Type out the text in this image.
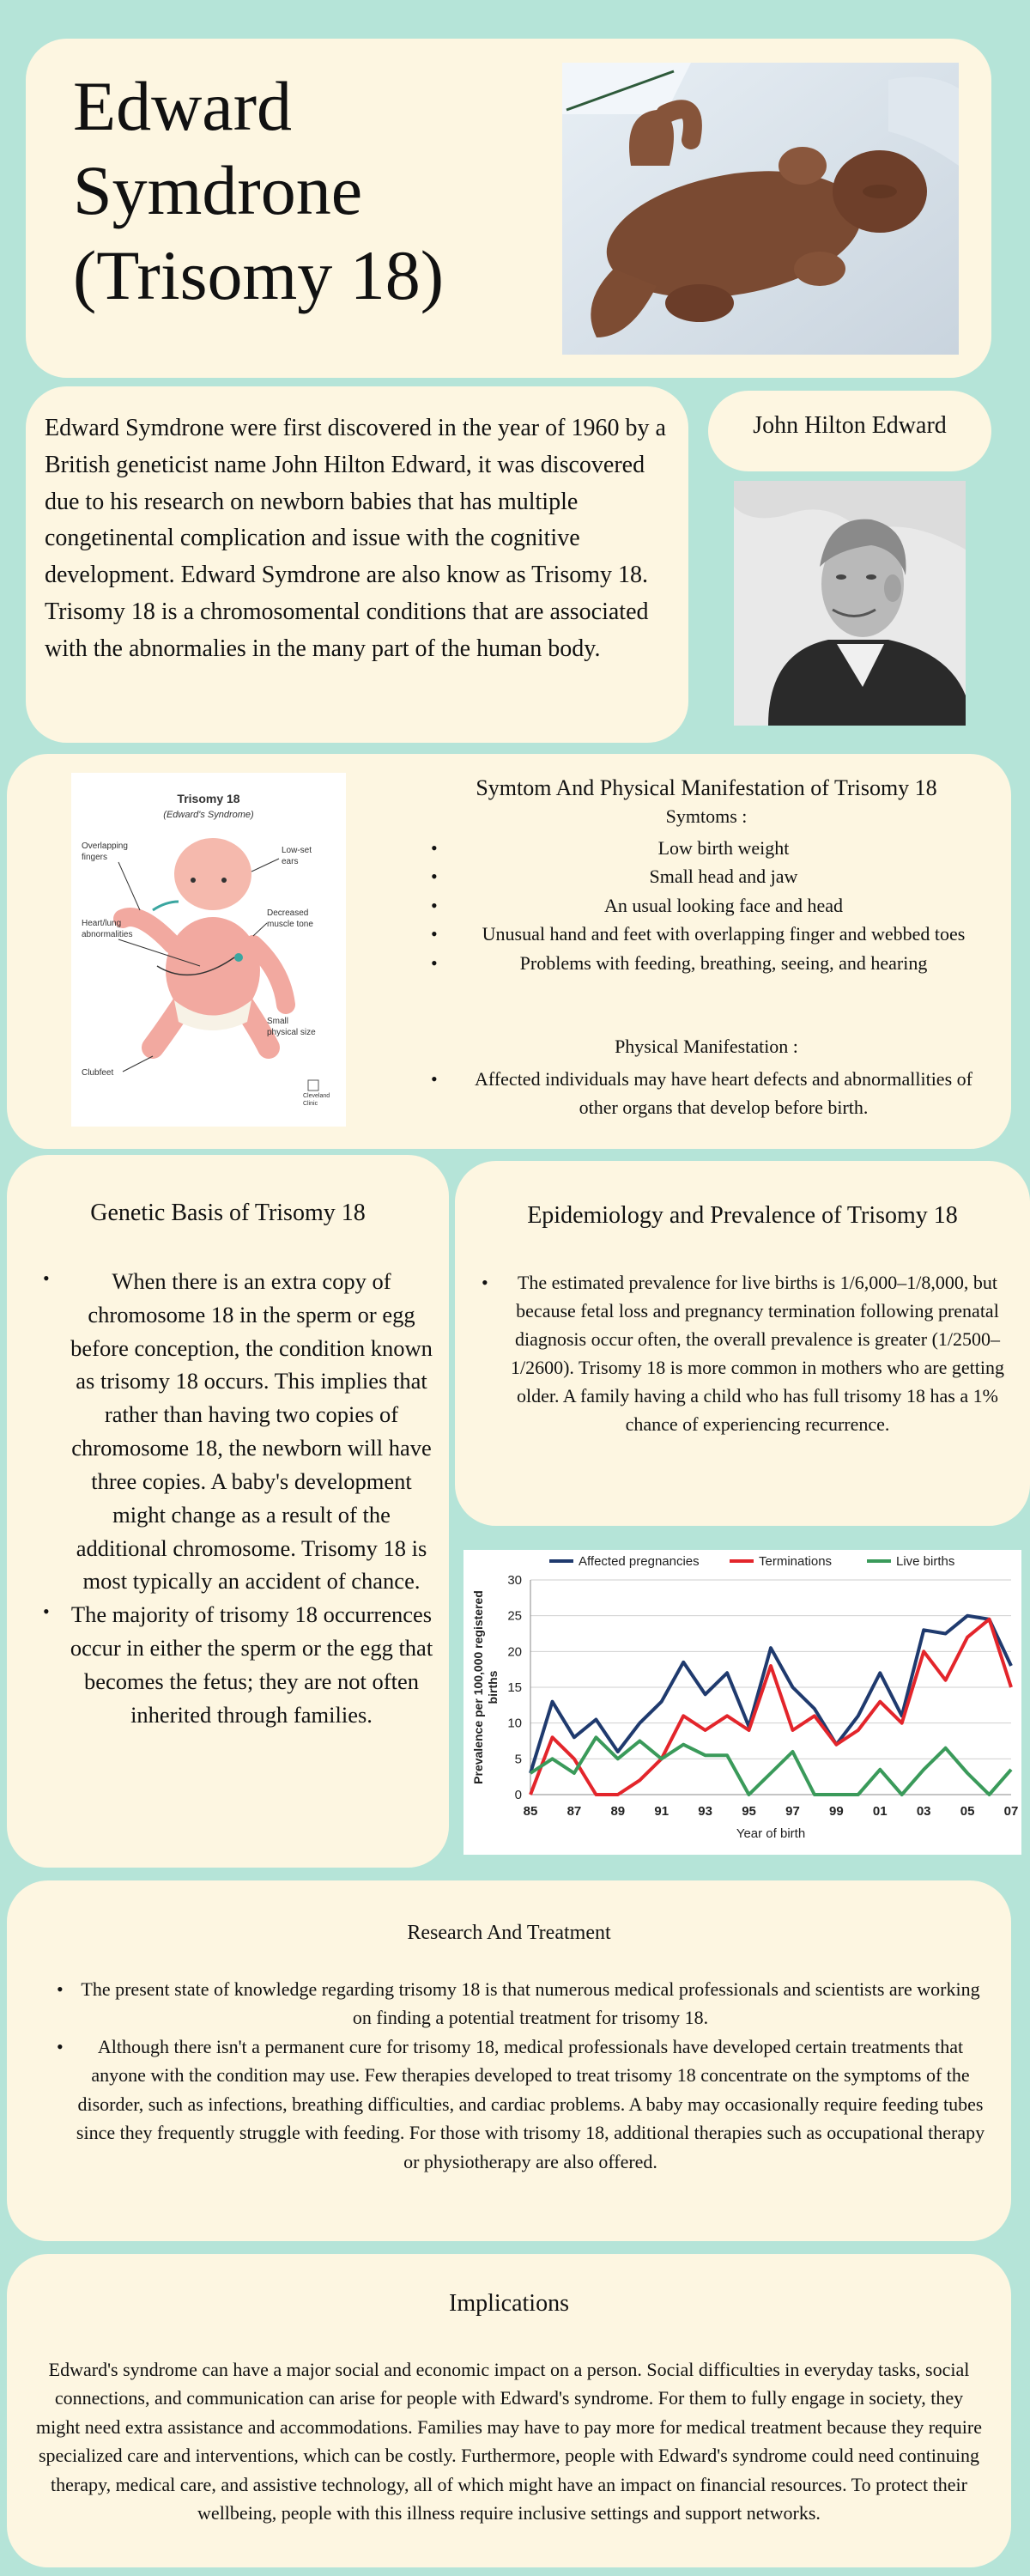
Edward Symdrone (Trisomy 18)

Edward Symdrone were first discovered in the year of 1960 by a British geneticist name John Hilton Edward, it was discovered due to his research on newborn babies that has multiple congetinental complication and issue with the cognitive development. Edward Symdrone are also know as Trisomy 18. Trisomy 18 is a chromosomental conditions that are associated with the abnormalies in the many part of the human body.

John Hilton Edward
Trisomy 18
(Edward's Syndrome)
Overlapping
fingers
Low-set
ears
Heart/lung
abnormalities
Decreased
muscle tone
Small
physical size
Clubfeet
Cleveland
Clinic
Symtom And Physical Manifestation of Trisomy 18
Symtoms :
• Low birth weight
• Small head and jaw
• An usual looking face and head
• Unusual hand and feet with overlapping finger and webbed toes
• Problems with feeding, breathing, seeing, and hearing
Physical Manifestation :
• Affected individuals may have heart defects and abnormallities of other organs that develop before birth.
Genetic Basis of Trisomy 18
• When there is an extra copy of chromosome 18 in the sperm or egg before conception, the condition known as trisomy 18 occurs. This implies that rather than having two copies of chromosome 18, the newborn will have three copies. A baby's development might change as a result of the additional chromosome. Trisomy 18 is most typically an accident of chance.
• The majority of trisomy 18 occurrences occur in either the sperm or the egg that becomes the fetus; they are not often inherited through families.
Epidemiology and Prevalence of Trisomy 18
• The estimated prevalence for live births is 1/6,000–1/8,000, but because fetal loss and pregnancy termination following prenatal diagnosis occur often, the overall prevalence is greater (1/2500–1/2600). Trisomy 18 is more common in mothers who are getting older. A family having a child who has full trisomy 18 has a 1% chance of experiencing recurrence.
0
5
10
15
20
25
30
85 87 89 91 93 95 97 99 01 03 05 07
Year of birth
Prevalence per 100,000 registeredbirths
Affected pregnancies	Terminations	Live births
Research And Treatment
• The present state of knowledge regarding trisomy 18 is that numerous medical professionals and scientists are working on finding a potential treatment for trisomy 18.
• Although there isn't a permanent cure for trisomy 18, medical professionals have developed certain treatments that anyone with the condition may use. Few therapies developed to treat trisomy 18 concentrate on the symptoms of the disorder, such as infections, breathing difficulties, and cardiac problems. A baby may occasionally require feeding tubes since they frequently struggle with feeding. For those with trisomy 18, additional therapies such as occupational therapy or physiotherapy are also offered.
Implications

Edward's syndrome can have a major social and economic impact on a person. Social difficulties in everyday tasks, social connections, and communication can arise for people with Edward's syndrome. For them to fully engage in society, they might need extra assistance and accommodations. Families may have to pay more for medical treatment because they require specialized care and interventions, which can be costly. Furthermore, people with Edward's syndrome could need continuing therapy, medical care, and assistive technology, all of which might have an impact on financial resources. To protect their wellbeing, people with this illness require inclusive settings and support networks.
